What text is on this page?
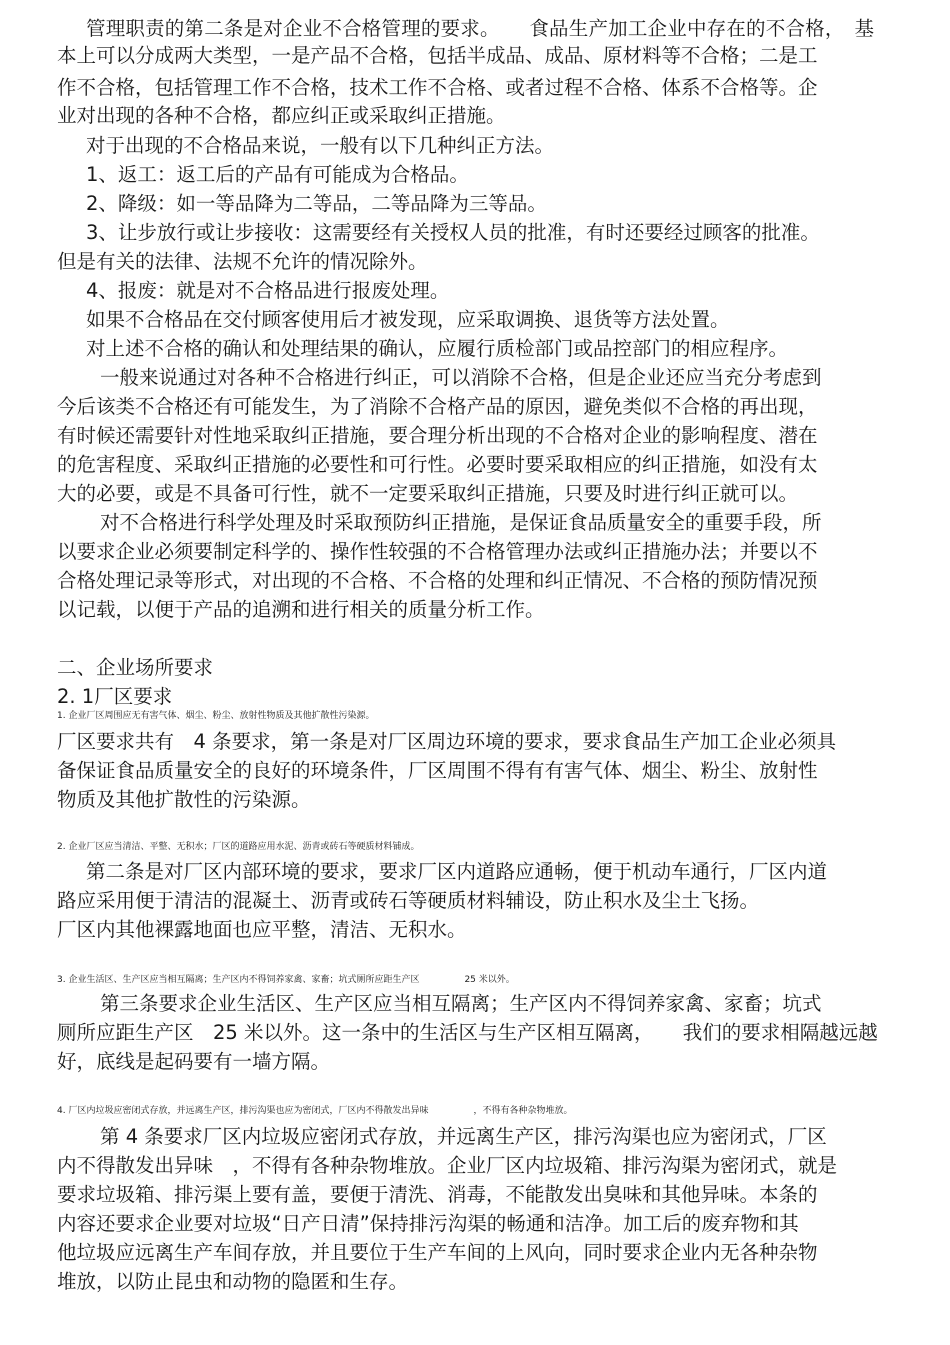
管理职责的第二条是对企业不合格管理的要求。　　食品生产加工企业中存在的不合格，　基
本上可以分成两大类型，一是产品不合格，包括半成品、成品、原材料等不合格；二是工
作不合格，包括管理工作不合格，技术工作不合格、或者过程不合格、体系不合格等。企
业对出现的各种不合格，都应纠正或采取纠正措施。
对于出现的不合格品来说，一般有以下几种纠正方法。
1、返工：返工后的产品有可能成为合格品。
2、降级：如一等品降为二等品，二等品降为三等品。
3、让步放行或让步接收：这需要经有关授权人员的批准，有时还要经过顾客的批准。
但是有关的法律、法规不允许的情况除外。
4、报废：就是对不合格品进行报废处理。
如果不合格品在交付顾客使用后才被发现，应采取调换、退货等方法处置。
对上述不合格的确认和处理结果的确认，应履行质检部门或品控部门的相应程序。
一般来说通过对各种不合格进行纠正，可以消除不合格，但是企业还应当充分考虑到
今后该类不合格还有可能发生，为了消除不合格产品的原因，避免类似不合格的再出现，
有时候还需要针对性地采取纠正措施，要合理分析出现的不合格对企业的影响程度、潜在
的危害程度、采取纠正措施的必要性和可行性。必要时要采取相应的纠正措施，如没有太
大的必要，或是不具备可行性，就不一定要采取纠正措施，只要及时进行纠正就可以。
对不合格进行科学处理及时采取预防纠正措施，是保证食品质量安全的重要手段，所
以要求企业必须要制定科学的、操作性较强的不合格管理办法或纠正措施办法；并要以不
合格处理记录等形式，对出现的不合格、不合格的处理和纠正情况、不合格的预防情况预
以记载，以便于产品的追溯和进行相关的质量分析工作。
二、企业场所要求
2. 1厂区要求
1. 企业厂区周围应无有害气体、烟尘、粉尘、放射性物质及其他扩散性污染源。
厂区要求共有　4 条要求，第一条是对厂区周边环境的要求，要求食品生产加工企业必须具
备保证食品质量安全的良好的环境条件，厂区周围不得有有害气体、烟尘、粉尘、放射性
物质及其他扩散性的污染源。
2. 企业厂区应当清洁、平整、无积水；厂区的道路应用水泥、沥青或砖石等硬质材料铺成。
第二条是对厂区内部环境的要求，要求厂区内道路应通畅，便于机动车通行，厂区内道
路应采用便于清洁的混凝土、沥青或砖石等硬质材料辅设，防止积水及尘土飞扬。
厂区内其他裸露地面也应平整，清洁、无积水。
3. 企业生活区、生产区应当相互隔离；生产区内不得饲养家禽、家畜；坑式厕所应距生产区　　　　　25 米以外。
第三条要求企业生活区、生产区应当相互隔离；生产区内不得饲养家禽、家畜；坑式
厕所应距生产区　25 米以外。这一条中的生活区与生产区相互隔离，　　我们的要求相隔越远越
好，底线是起码要有一墙方隔。
4. 厂区内垃圾应密闭式存放，并远离生产区，排污沟渠也应为密闭式，厂区内不得散发出异味　　　　　，不得有各种杂物堆放。
第 4 条要求厂区内垃圾应密闭式存放，并远离生产区，排污沟渠也应为密闭式，厂区
内不得散发出异味　，不得有各种杂物堆放。企业厂区内垃圾箱、排污沟渠为密闭式，就是
要求垃圾箱、排污渠上要有盖，要便于清洗、消毒，不能散发出臭味和其他异味。本条的
内容还要求企业要对垃圾“日产日清”保持排污沟渠的畅通和洁净。加工后的废弃物和其
他垃圾应远离生产车间存放，并且要位于生产车间的上风向，同时要求企业内无各种杂物
堆放，以防止昆虫和动物的隐匿和生存。
